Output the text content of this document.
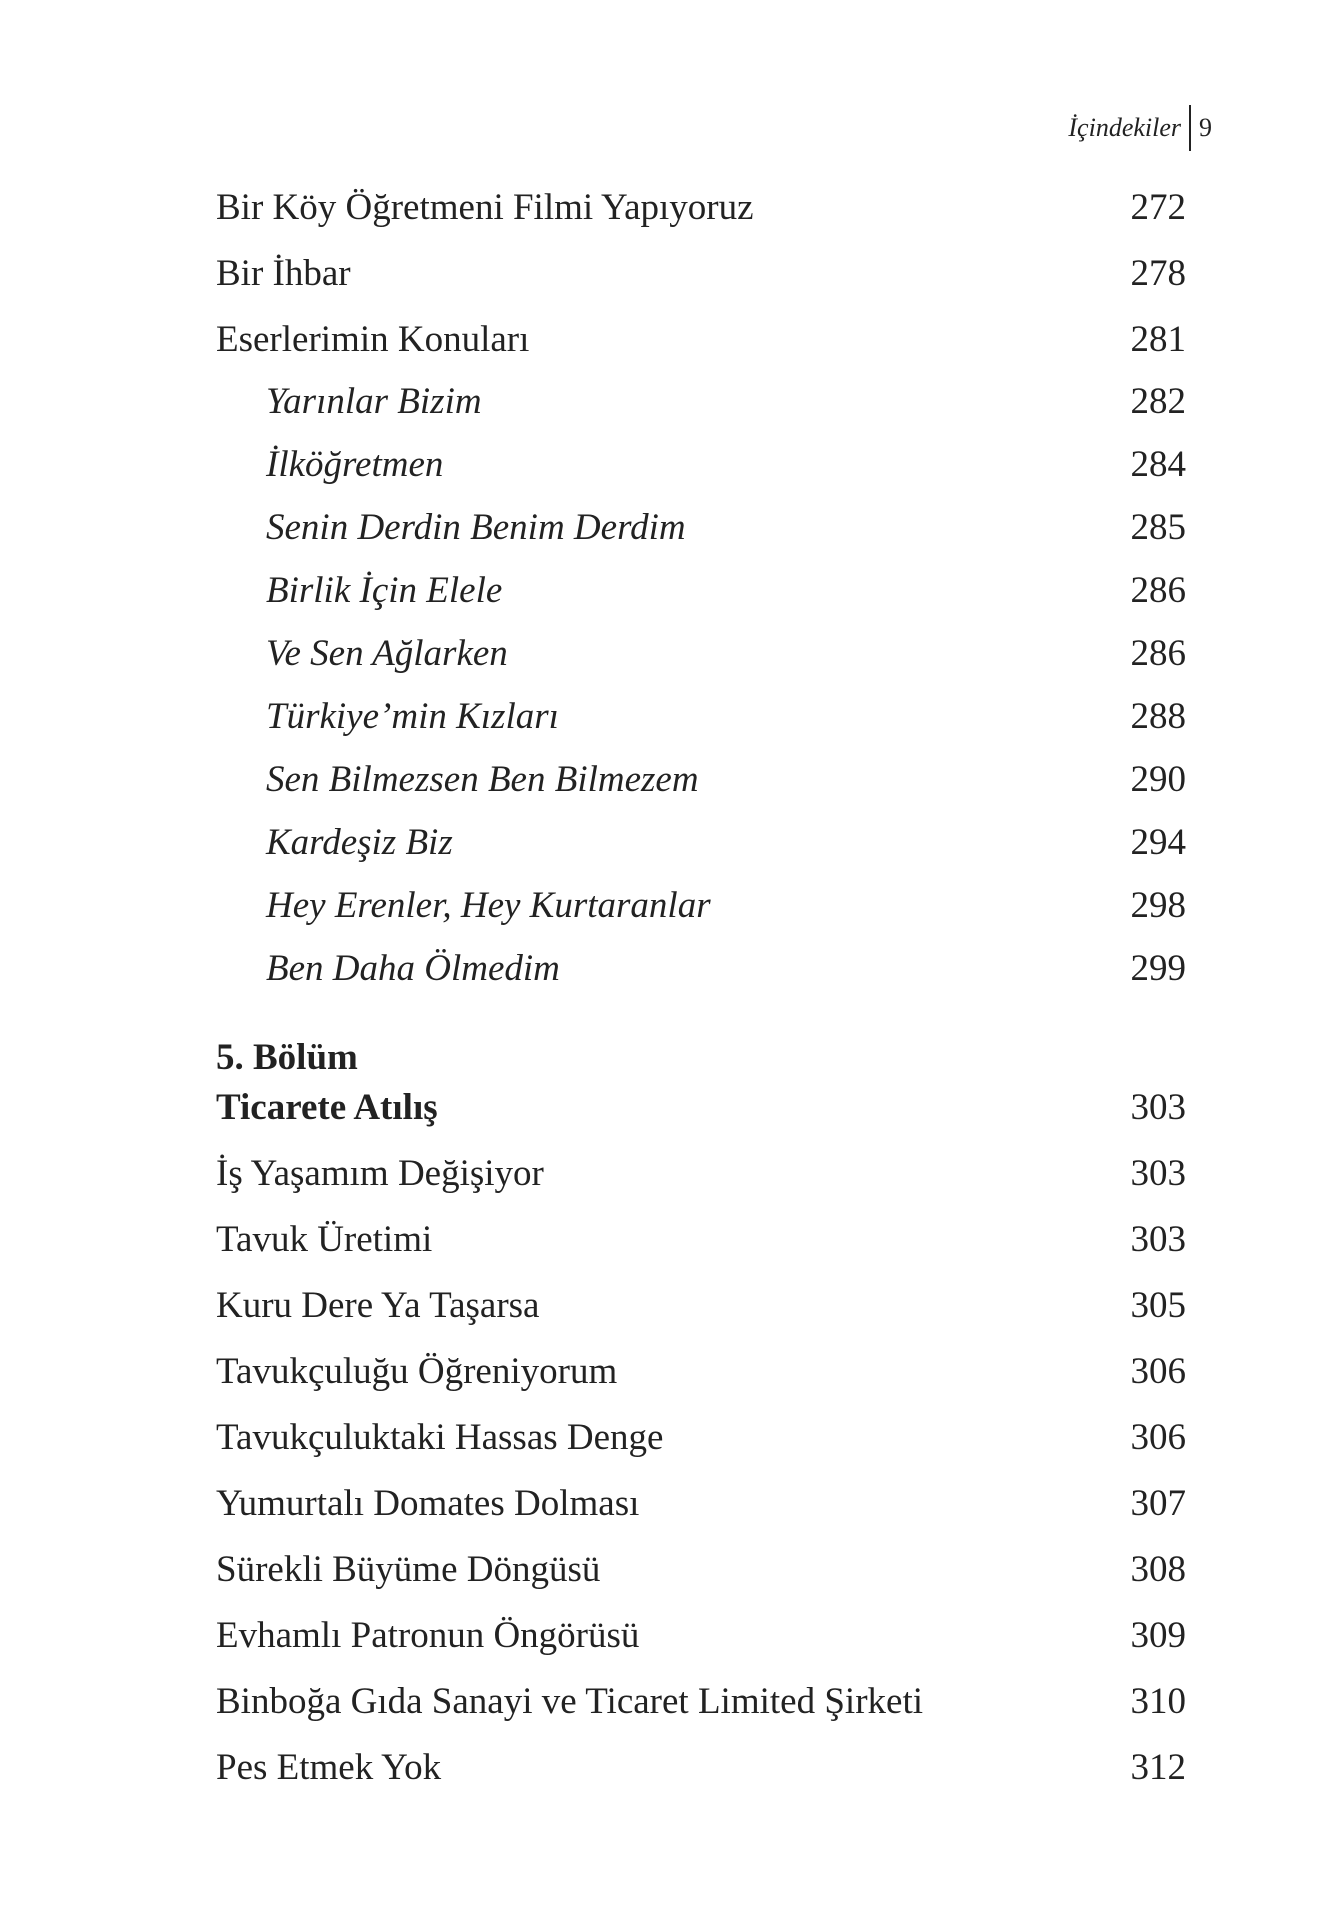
İçindekiler 9
Bir Köy Öğretmeni Filmi Yapıyoruz	272
Bir İhbar	278
Eserlerimin Konuları	281
Yarınlar Bizim	282
İlköğretmen	284
Senin Derdin Benim Derdim	285
Birlik İçin Elele	286
Ve Sen Ağlarken	286
Türkiye’min Kızları	288
Sen Bilmezsen Ben Bilmezem	290
Kardeşiz Biz	294
Hey Erenler, Hey Kurtaranlar	298
Ben Daha Ölmedim	299
5. Bölüm
Ticarete Atılış	303
İş Yaşamım Değişiyor	303
Tavuk Üretimi	303
Kuru Dere Ya Taşarsa	305
Tavukçuluğu Öğreniyorum	306
Tavukçuluktaki Hassas Denge	306
Yumurtalı Domates Dolması	307
Sürekli Büyüme Döngüsü	308
Evhamlı Patronun Öngörüsü	309
Binboğa Gıda Sanayi ve Ticaret Limited Şirketi	310
Pes Etmek Yok	312
